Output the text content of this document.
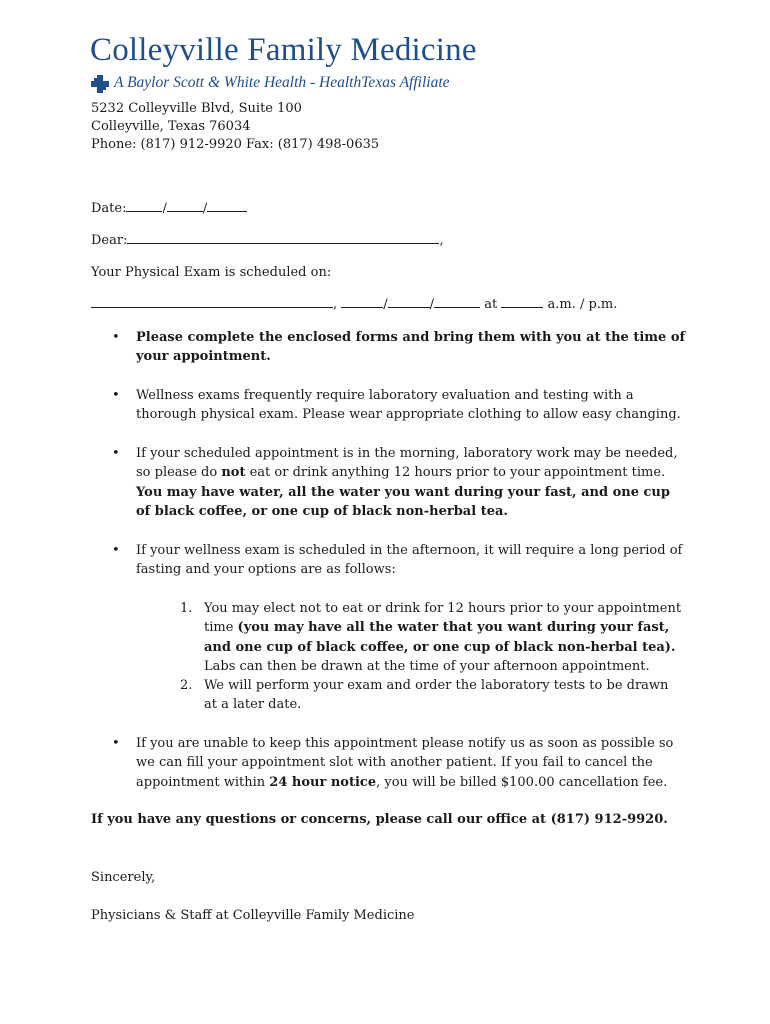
Colleyville Family Medicine
A Baylor Scott & White Health - HealthTexas Affiliate
5232 Colleyville Blvd, Suite 100
Colleyville, Texas 76034
Phone: (817) 912-9920 Fax: (817) 498-0635
Date:	/	/
Dear:	,
Your Physical Exam is scheduled on:
,	/	/	at	a.m. / p.m.
• Please complete the enclosed forms and bring them with you at the time of your appointment.
• Wellness exams frequently require laboratory evaluation and testing with a thorough physical exam. Please wear appropriate clothing to allow easy changing.
• If your scheduled appointment is in the morning, laboratory work may be needed, so please do not eat or drink anything 12 hours prior to your appointment time. You may have water, all the water you want during your fast, and one cup of black coffee, or one cup of black non-herbal tea.
• If your wellness exam is scheduled in the afternoon, it will require a long period of fasting and your options are as follows:
1. You may elect not to eat or drink for 12 hours prior to your appointment time (you may have all the water that you want during your fast, and one cup of black coffee, or one cup of black non-herbal tea). Labs can then be drawn at the time of your afternoon appointment.
2. We will perform your exam and order the laboratory tests to be drawn at a later date.
• If you are unable to keep this appointment please notify us as soon as possible so we can fill your appointment slot with another patient. If you fail to cancel the appointment within 24 hour notice, you will be billed $100.00 cancellation fee.
If you have any questions or concerns, please call our office at (817) 912-9920.
Sincerely,
Physicians & Staff at Colleyville Family Medicine
